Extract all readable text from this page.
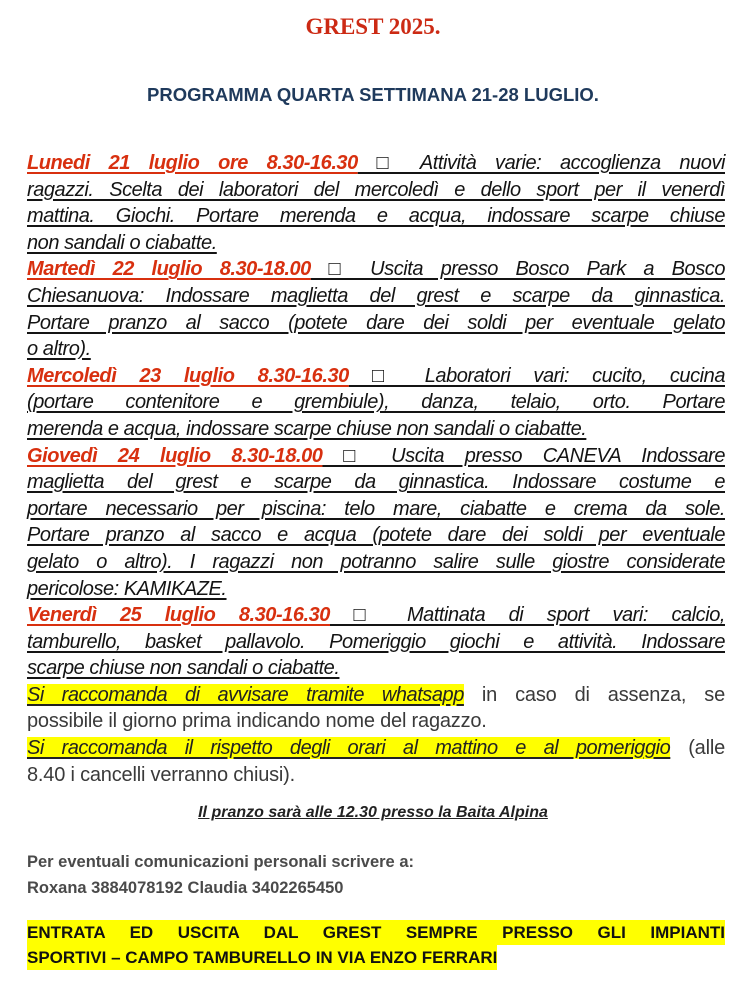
GREST 2025.
PROGRAMMA QUARTA SETTIMANA 21-28 LUGLIO.
Lunedi 21 luglio ore 8.30-16.30 □ Attività varie: accoglienza nuovi
ragazzi. Scelta dei laboratori del mercoledì e dello sport per il venerdì
mattina. Giochi. Portare merenda e acqua, indossare scarpe chiuse
non sandali o ciabatte.
Martedì 22 luglio 8.30-18.00 □ Uscita presso Bosco Park a Bosco
Chiesanuova: Indossare maglietta del grest e scarpe da ginnastica.
Portare pranzo al sacco (potete dare dei soldi per eventuale gelato
o altro).
Mercoledì 23 luglio 8.30-16.30 □ Laboratori vari: cucito, cucina
(portare contenitore e grembiule), danza, telaio, orto. Portare
merenda e acqua, indossare scarpe chiuse non sandali o ciabatte.
Giovedì 24 luglio 8.30-18.00 □ Uscita presso CANEVA Indossare
maglietta del grest e scarpe da ginnastica. Indossare costume e
portare necessario per piscina: telo mare, ciabatte e crema da sole.
Portare pranzo al sacco e acqua (potete dare dei soldi per eventuale
gelato o altro). I ragazzi non potranno salire sulle giostre considerate
pericolose: KAMIKAZE.
Venerdì 25 luglio 8.30-16.30 □ Mattinata di sport vari: calcio,
tamburello, basket pallavolo. Pomeriggio giochi e attività. Indossare
scarpe chiuse non sandali o ciabatte.
Si raccomanda di avvisare tramite whatsapp in caso di assenza, se
possibile il giorno prima indicando nome del ragazzo.
Si raccomanda il rispetto degli orari al mattino e al pomeriggio (alle
8.40 i cancelli verranno chiusi).
Il pranzo sarà alle 12.30 presso la Baita Alpina
Per eventuali comunicazioni personali scrivere a:
Roxana 3884078192 Claudia 3402265450
ENTRATA ED USCITA DAL GREST SEMPRE PRESSO GLI IMPIANTI
SPORTIVI – CAMPO TAMBURELLO IN VIA ENZO FERRARI
